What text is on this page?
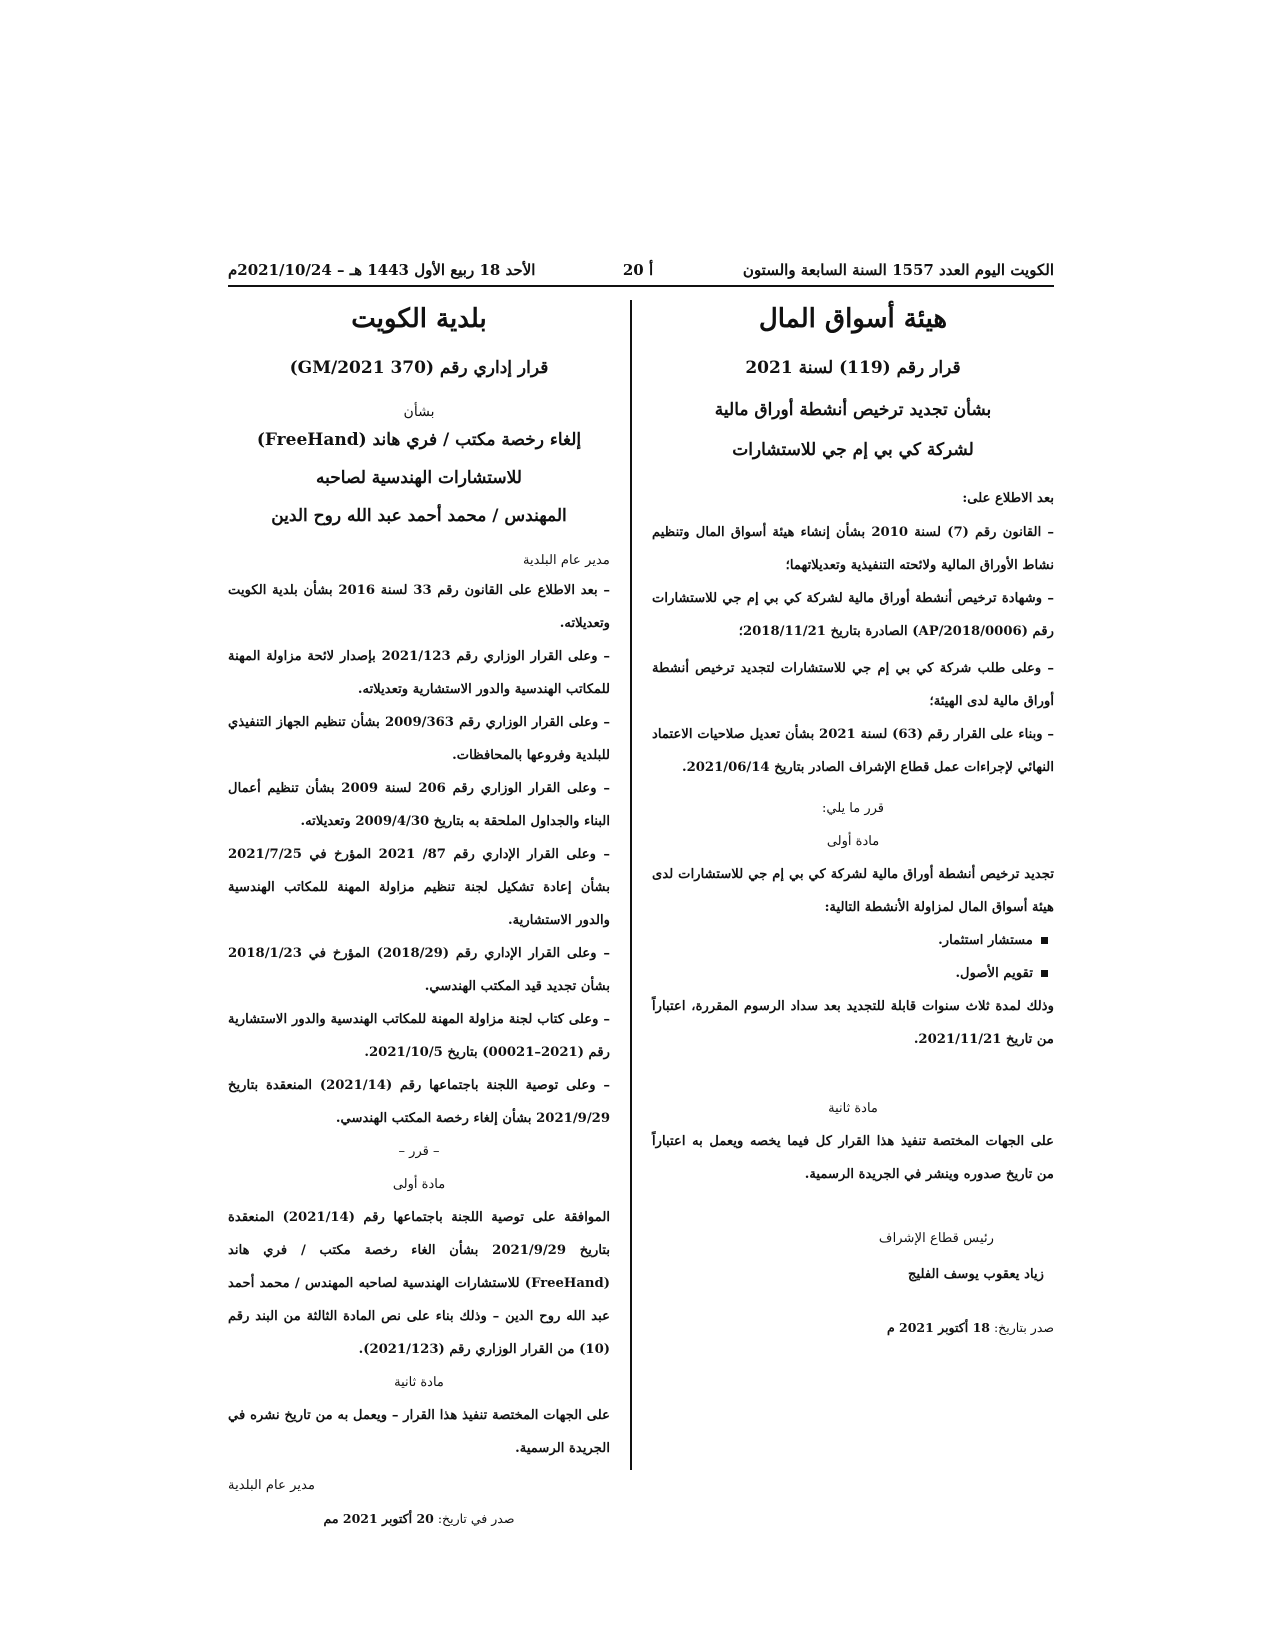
الكويت اليوم العدد 1557 السنة السابعة والستون
أ 20
الأحد 18 ربيع الأول 1443 هـ – 2021/10/24م
هيئة أسواق المال
قرار رقم (119) لسنة 2021
بشأن تجديد ترخيص أنشطة أوراق مالية
لشركة كي بي إم جي للاستشارات
بعد الاطلاع على:
– القانون رقم (7) لسنة 2010 بشأن إنشاء هيئة أسواق المال وتنظيم نشاط الأوراق المالية ولائحته التنفيذية وتعديلاتهما؛
– وشهادة ترخيص أنشطة أوراق مالية لشركة كي بي إم جي للاستشارات رقم (AP/2018/0006) الصادرة بتاريخ 2018/11/21؛
– وعلى طلب شركة كي بي إم جي للاستشارات لتجديد ترخيص أنشطة أوراق مالية لدى الهيئة؛
– وبناء على القرار رقم (63) لسنة 2021 بشأن تعديل صلاحيات الاعتماد النهائي لإجراءات عمل قطاع الإشراف الصادر بتاريخ 2021/06/14.
قرر ما يلي:
مادة أولى
تجديد ترخيص أنشطة أوراق مالية لشركة كي بي إم جي للاستشارات لدى هيئة أسواق المال لمزاولة الأنشطة التالية:
مستشار استثمار.
تقويم الأصول.
وذلك لمدة ثلاث سنوات قابلة للتجديد بعد سداد الرسوم المقررة، اعتباراً من تاريخ 2021/11/21.
مادة ثانية
على الجهات المختصة تنفيذ هذا القرار كل فيما يخصه ويعمل به اعتباراً من تاريخ صدوره وينشر في الجريدة الرسمية.
رئيس قطاع الإشراف
زياد يعقوب يوسف الفليج
صدر بتاريخ: 18 أكتوبر 2021 م
بلدية الكويت
قرار إداري رقم (370 GM/2021)
بشأن
إلغاء رخصة مكتب / فري هاند (FreeHand)
للاستشارات الهندسية لصاحبه
المهندس / محمد أحمد عبد الله روح الدين
مدير عام البلدية
– بعد الاطلاع على القانون رقم 33 لسنة 2016 بشأن بلدية الكويت وتعديلاته.
– وعلى القرار الوزاري رقم 2021/123 بإصدار لائحة مزاولة المهنة للمكاتب الهندسية والدور الاستشارية وتعديلاته.
– وعلى القرار الوزاري رقم 2009/363 بشأن تنظيم الجهاز التنفيذي للبلدية وفروعها بالمحافظات.
– وعلى القرار الوزاري رقم 206 لسنة 2009 بشأن تنظيم أعمال البناء والجداول الملحقة به بتاريخ 2009/4/30 وتعديلاته.
– وعلى القرار الإداري رقم 87/ 2021 المؤرخ في 2021/7/25 بشأن إعادة تشكيل لجنة تنظيم مزاولة المهنة للمكاتب الهندسية والدور الاستشارية.
– وعلى القرار الإداري رقم (2018/29) المؤرخ في 2018/1/23 بشأن تجديد قيد المكتب الهندسي.
– وعلى كتاب لجنة مزاولة المهنة للمكاتب الهندسية والدور الاستشارية رقم (2021–00021) بتاريخ 2021/10/5.
– وعلى توصية اللجنة باجتماعها رقم (2021/14) المنعقدة بتاريخ 2021/9/29 بشأن إلغاء رخصة المكتب الهندسي.
– قرر –
مادة أولى
الموافقة على توصية اللجنة باجتماعها رقم (2021/14) المنعقدة بتاريخ 2021/9/29 بشأن الغاء رخصة مكتب / فري هاند (FreeHand) للاستشارات الهندسية لصاحبه المهندس / محمد أحمد عبد الله روح الدين – وذلك بناء على نص المادة الثالثة من البند رقم (10) من القرار الوزاري رقم (2021/123).
مادة ثانية
على الجهات المختصة تنفيذ هذا القرار – ويعمل به من تاريخ نشره في الجريدة الرسمية.
مدير عام البلدية
صدر في تاريخ: 20 أكتوبر 2021 مم
